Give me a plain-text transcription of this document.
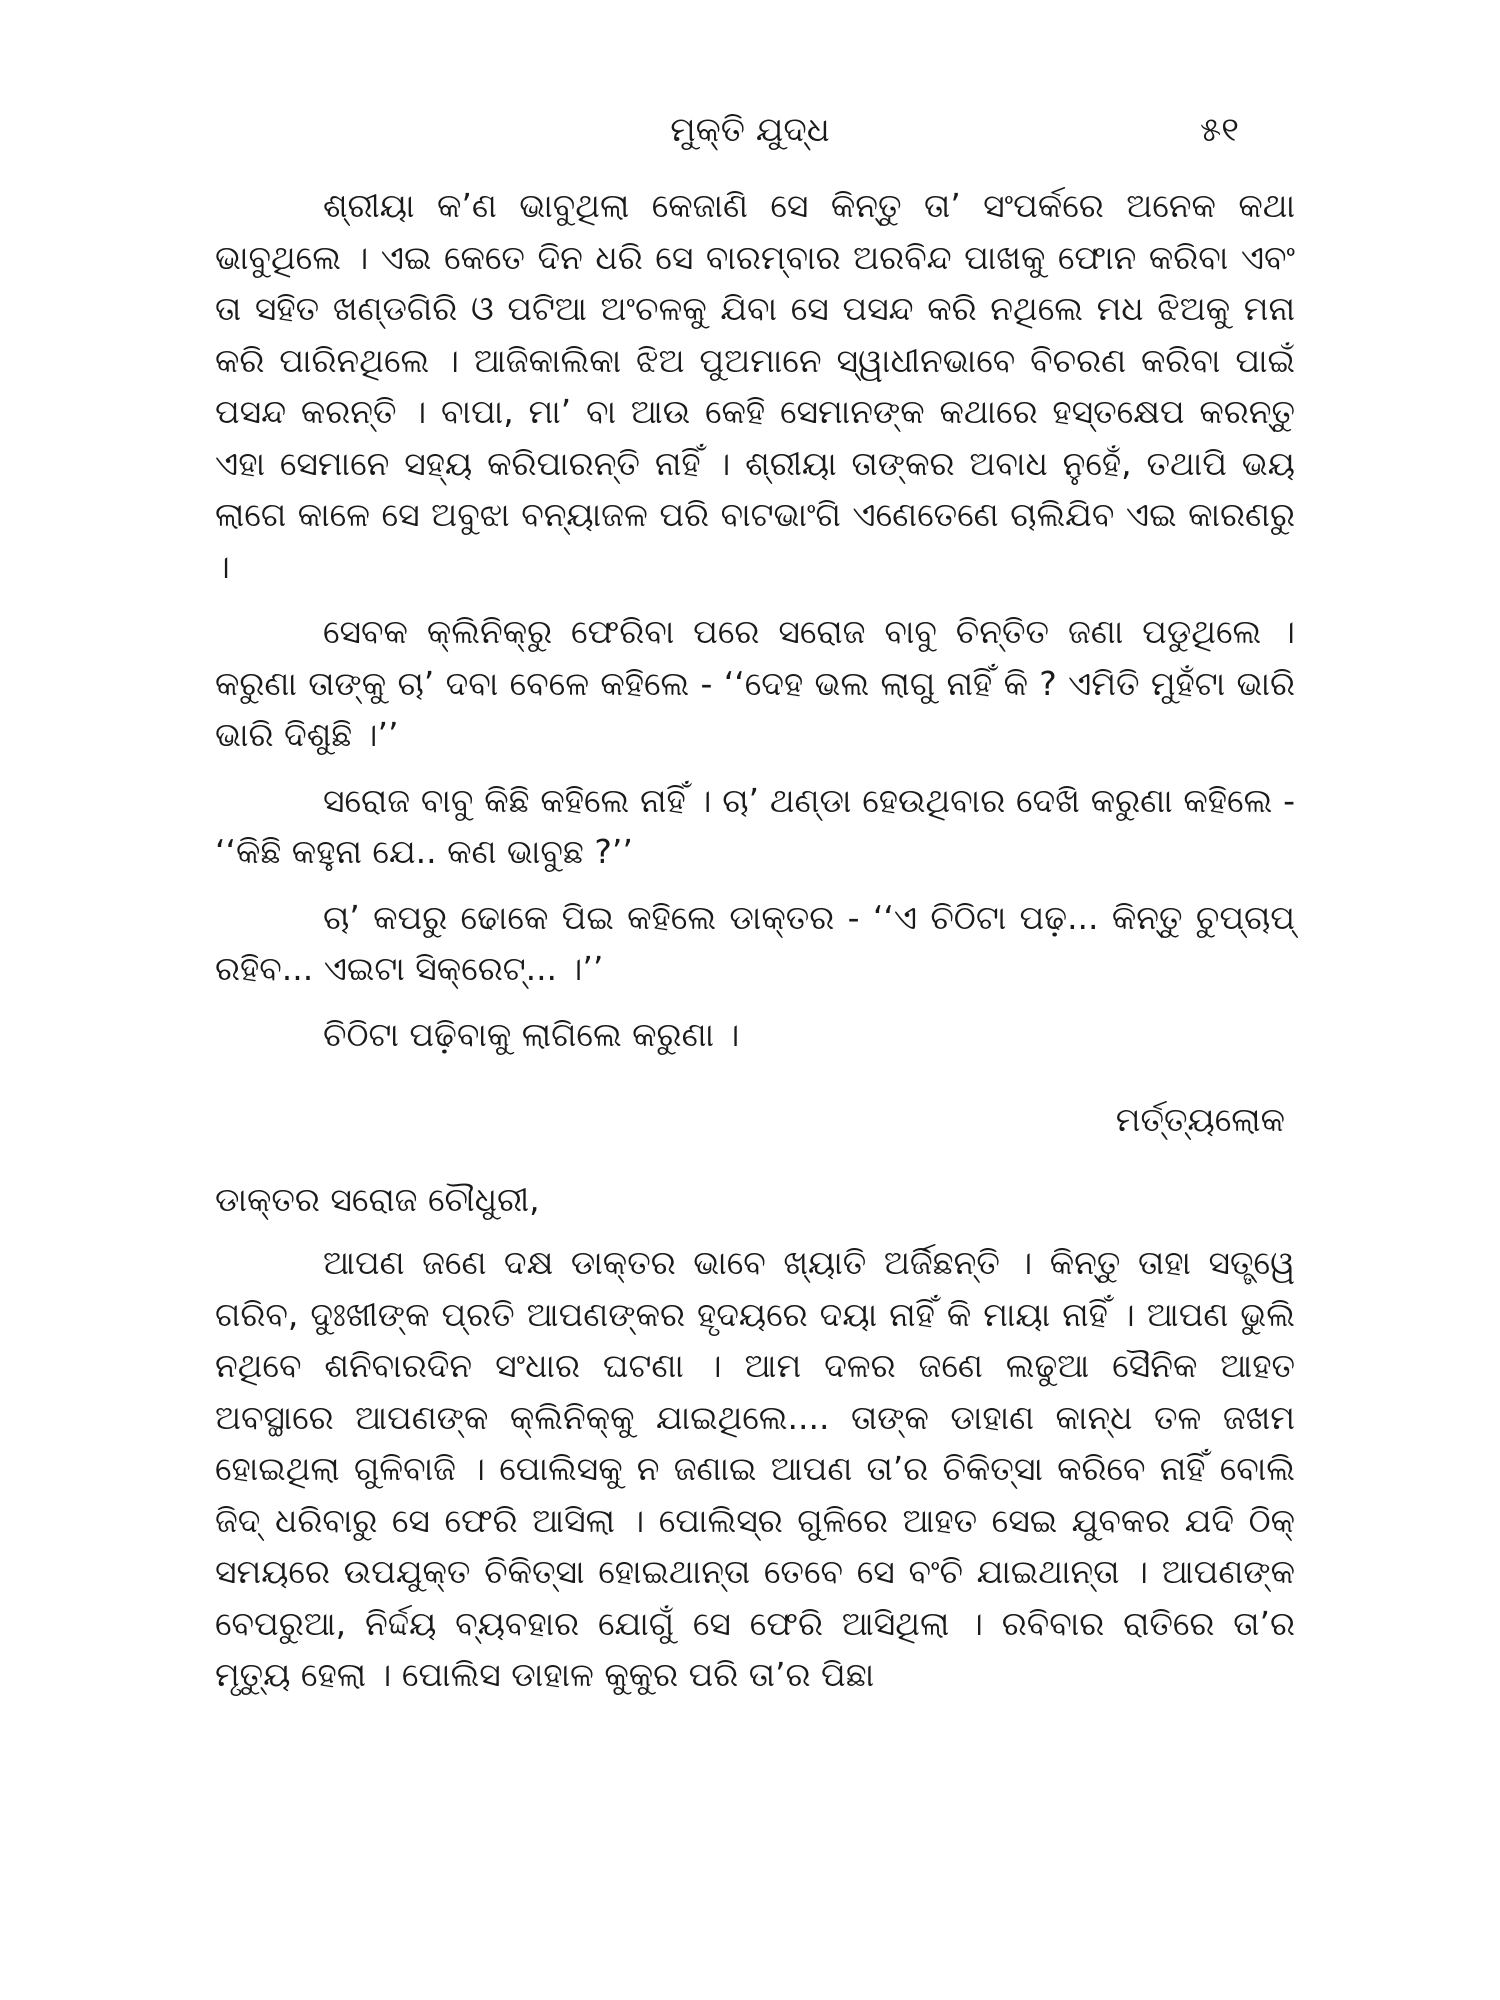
ମୁକ୍ତି ଯୁଦ୍ଧ	୫୧

ଶ୍ରୀୟା କ’ଣ ଭାବୁଥିଲା କେଜାଣି ସେ କିନ୍ତୁ ତା’ ସଂପର୍କରେ ଅନେକ କଥା ଭାବୁଥିଲେ । ଏଇ କେତେ ଦିନ ଧରି ସେ ବାରମ୍ବାର ଅରବିନ୍ଦ ପାଖକୁ ଫୋନ କରିବା ଏବଂ ତା ସହିତ ଖଣ୍ଡଗିରି ଓ ପଟିଆ ଅଂଚଳକୁ ଯିବା ସେ ପସନ୍ଦ କରି ନଥିଲେ ମଧ ଝିଅକୁ ମନା କରି ପାରିନଥିଲେ । ଆଜିକାଲିକା ଝିଅ ପୁଅମାନେ ସ୍ୱାଧୀନଭାବେ ବିଚରଣ କରିବା ପାଇଁ ପସନ୍ଦ କରନ୍ତି । ବାପା, ମା’ ବା ଆଉ କେହି ସେମାନଙ୍କ କଥାରେ ହସ୍ତକ୍ଷେପ କରନ୍ତୁ ଏହା ସେମାନେ ସହ୍ୟ କରିପାରନ୍ତି ନାହିଁ । ଶ୍ରୀୟା ତାଙ୍କର ଅବାଧ ନୁହେଁ, ତଥାପି ଭୟ ଲାଗେ କାଳେ ସେ ଅବୁଝା ବନ୍ୟାଜଳ ପରି ବାଟଭାଂଗି ଏଣେତେଣେ ଚାଲିଯିବ ଏଇ କାରଣରୁ ।

ସେବକ କ୍ଲିନିକ୍‌ରୁ ଫେରିବା ପରେ ସରୋଜ ବାବୁ ଚିନ୍ତିତ ଜଣା ପଡୁଥିଲେ । କରୁଣା ତାଙ୍କୁ ଚା’ ଦବା ବେଳେ କହିଲେ - ‘‘ଦେହ ଭଲ ଲାଗୁ ନାହିଁ କି ? ଏମିତି ମୁହଁଟା ଭାରି ଭାରି ଦିଶୁଛି ।’’

ସରୋଜ ବାବୁ କିଛି କହିଲେ ନାହିଁ । ଚା’ ଥଣ୍ଡା ହେଉଥିବାର ଦେଖି କରୁଣା କହିଲେ - ‘‘କିଛି କହୁନା ଯେ.. କଣ ଭାବୁଛ ?’’

ଚା’ କପରୁ ଢୋକେ ପିଇ କହିଲେ ଡାକ୍ତର - ‘‘ଏ ଚିଠିଟା ପଢ଼... କିନ୍ତୁ ଚୁପ୍‌ଚାପ୍ ରହିବ... ଏଇଟା ସିକ୍ରେଟ୍... ।’’

ଚିଠିଟା ପଢ଼ିବାକୁ ଲାଗିଲେ କରୁଣା ।

ମର୍ତ୍ତ୍ୟଲୋକ

ଡାକ୍ତର ସରୋଜ ଚୌଧୁରୀ,

ଆପଣ ଜଣେ ଦକ୍ଷ ଡାକ୍ତର ଭାବେ ଖ୍ୟାତି ଅର୍ଜିଛନ୍ତି । କିନ୍ତୁ ତାହା ସତ୍ତ୍ୱେ ଗରିବ, ଦୁଃଖୀଙ୍କ ପ୍ରତି ଆପଣଙ୍କର ହୃଦୟରେ ଦୟା ନାହିଁ କି ମାୟା ନାହିଁ । ଆପଣ ଭୁଲି ନଥିବେ ଶନିବାରଦିନ ସଂଧାର ଘଟଣା । ଆମ ଦଳର ଜଣେ ଲଢୁଆ ସୈନିକ ଆହତ ଅବସ୍ଥାରେ ଆପଣଙ୍କ କ୍ଲିନିକ୍‌କୁ ଯାଇଥିଲେ.... ତାଙ୍କ ଡାହାଣ କାନ୍ଧ ତଳ ଜଖମ ହୋଇଥିଲା ଗୁଳିବାଜି । ପୋଲିସକୁ ନ ଜଣାଇ ଆପଣ ତା’ର ଚିକିତ୍ସା କରିବେ ନାହିଁ ବୋଲି ଜିଦ୍ ଧରିବାରୁ ସେ ଫେରି ଆସିଲା । ପୋଲିସ୍‌ର ଗୁଳିରେ ଆହତ ସେଇ ଯୁବକର ଯଦି ଠିକ୍ ସମୟରେ ଉପଯୁକ୍ତ ଚିକିତ୍ସା ହୋଇଥାନ୍ତା ତେବେ ସେ ବଂଚି ଯାଇଥାନ୍ତା । ଆପଣଙ୍କ ବେପରୁଆ, ନିର୍ଦ୍ଦୟ ବ୍ୟବହାର ଯୋଗୁଁ ସେ ଫେରି ଆସିଥିଲା । ରବିବାର ରାତିରେ ତା’ର ମୃତ୍ୟୁ ହେଲା । ପୋଲିସ ଡାହାଳ କୁକୁର ପରି ତା’ର ପିଛା
